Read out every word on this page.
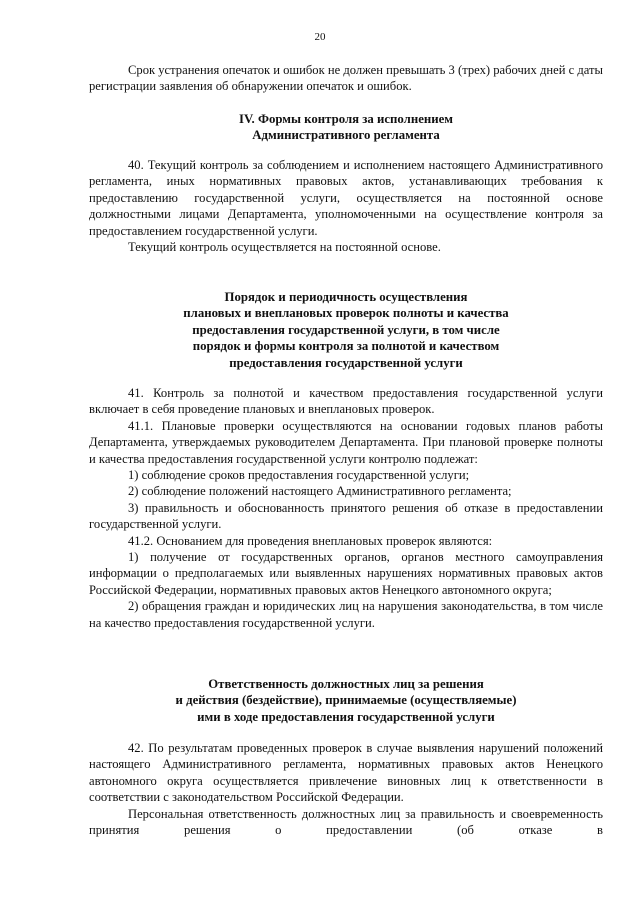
20

Срок устранения опечаток и ошибок не должен превышать 3 (трех) рабочих дней с даты регистрации заявления об обнаружении опечаток и ошибок.

IV. Формы контроля за исполнением

Административного регламента

40. Текущий контроль за соблюдением и исполнением настоящего Административного регламента, иных нормативных правовых актов, устанавливающих требования к предоставлению государственной услуги, осуществляется на постоянной основе должностными лицами Департамента, уполномоченными на осуществление контроля за предоставлением государственной услуги.

Текущий контроль осуществляется на постоянной основе.

Порядок и периодичность осуществления

плановых и внеплановых проверок полноты и качества

предоставления государственной услуги, в том числе

порядок и формы контроля за полнотой и качеством

предоставления государственной услуги

41. Контроль за полнотой и качеством предоставления государственной услуги включает в себя проведение плановых и внеплановых проверок.

41.1. Плановые проверки осуществляются на основании годовых планов работы Департамента, утверждаемых руководителем Департамента. При плановой проверке полноты и качества предоставления государственной услуги контролю подлежат:

1) соблюдение сроков предоставления государственной услуги;

2) соблюдение положений настоящего Административного регламента;

3) правильность и обоснованность принятого решения об отказе в предоставлении государственной услуги.

41.2. Основанием для проведения внеплановых проверок являются:

1) получение от государственных органов, органов местного самоуправления информации о предполагаемых или выявленных нарушениях нормативных правовых актов Российской Федерации, нормативных правовых актов Ненецкого автономного округа;

2) обращения граждан и юридических лиц на нарушения законодательства, в том числе на качество предоставления государственной услуги.

Ответственность должностных лиц за решения

и действия (бездействие), принимаемые (осуществляемые)

ими в ходе предоставления государственной услуги

42. По результатам проведенных проверок в случае выявления нарушений положений настоящего Административного регламента, нормативных правовых актов Ненецкого автономного округа осуществляется привлечение виновных лиц к ответственности в соответствии с законодательством Российской Федерации.

Персональная ответственность должностных лиц за правильность и своевременность принятия решения о предоставлении (об отказе в
